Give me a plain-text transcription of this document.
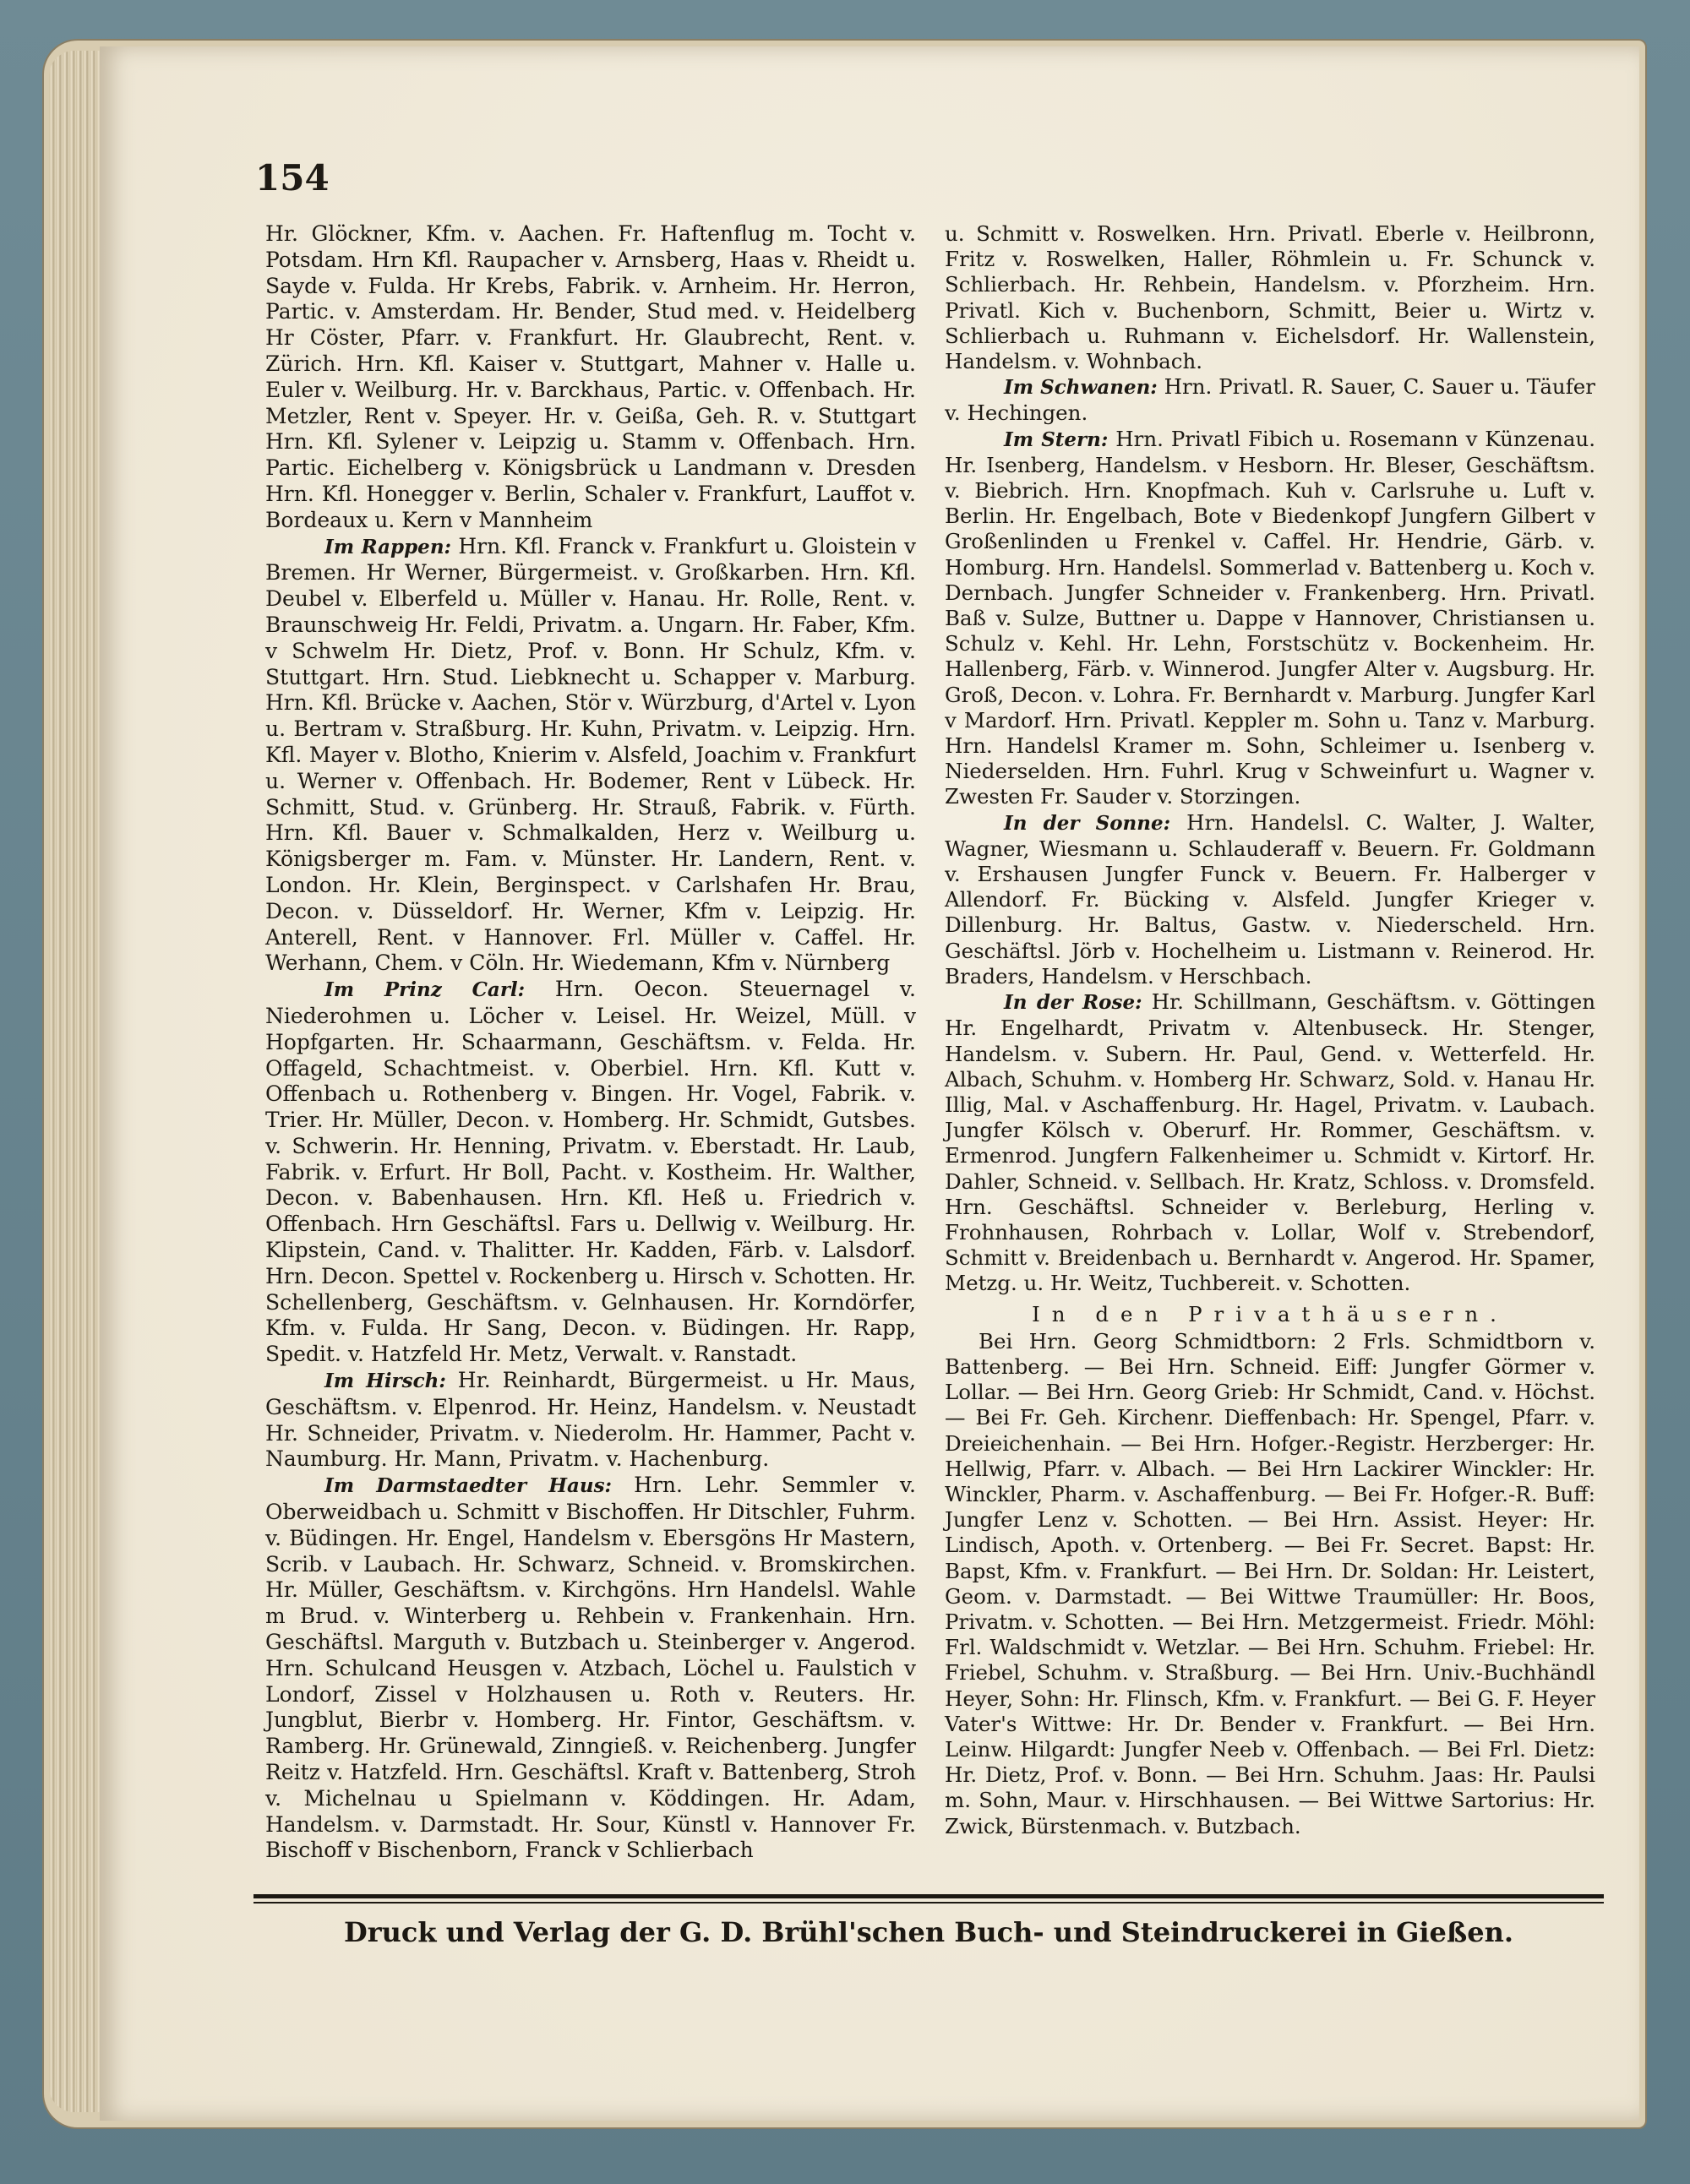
154

Hr. Glöckner, Kfm. v. Aachen. Fr. Haftenflug m. Tocht v. Potsdam. Hrn Kfl. Raupacher v. Arnsberg, Haas v. Rheidt u. Sayde v. Fulda. Hr Krebs, Fabrik. v. Arnheim. Hr. Herron, Partic. v. Amsterdam. Hr. Bender, Stud med. v. Heidelberg Hr Cöster, Pfarr. v. Frankfurt. Hr. Glaubrecht, Rent. v. Zürich. Hrn. Kfl. Kaiser v. Stuttgart, Mahner v. Halle u. Euler v. Weilburg. Hr. v. Barckhaus, Partic. v. Offenbach. Hr. Metzler, Rent v. Speyer. Hr. v. Geißa, Geh. R. v. Stuttgart Hrn. Kfl. Sylener v. Leipzig u. Stamm v. Offenbach. Hrn. Partic. Eichelberg v. Königsbrück u Landmann v. Dresden Hrn. Kfl. Honegger v. Berlin, Schaler v. Frankfurt, Lauffot v. Bordeaux u. Kern v Mannheim

Im Rappen: Hrn. Kfl. Franck v. Frankfurt u. Gloistein v Bremen. Hr Werner, Bürgermeist. v. Großkarben. Hrn. Kfl. Deubel v. Elberfeld u. Müller v. Hanau. Hr. Rolle, Rent. v. Braunschweig Hr. Feldi, Privatm. a. Ungarn. Hr. Faber, Kfm. v Schwelm Hr. Dietz, Prof. v. Bonn. Hr Schulz, Kfm. v. Stuttgart. Hrn. Stud. Liebknecht u. Schapper v. Marburg. Hrn. Kfl. Brücke v. Aachen, Stör v. Würzburg, d'Artel v. Lyon u. Bertram v. Straßburg. Hr. Kuhn, Privatm. v. Leipzig. Hrn. Kfl. Mayer v. Blotho, Knierim v. Alsfeld, Joachim v. Frankfurt u. Werner v. Offenbach. Hr. Bodemer, Rent v Lübeck. Hr. Schmitt, Stud. v. Grünberg. Hr. Strauß, Fabrik. v. Fürth. Hrn. Kfl. Bauer v. Schmalkalden, Herz v. Weilburg u. Königsberger m. Fam. v. Münster. Hr. Landern, Rent. v. London. Hr. Klein, Berginspect. v Carlshafen Hr. Brau, Decon. v. Düsseldorf. Hr. Werner, Kfm v. Leipzig. Hr. Anterell, Rent. v Hannover. Frl. Müller v. Caffel. Hr. Werhann, Chem. v Cöln. Hr. Wiedemann, Kfm v. Nürnberg

Im Prinz Carl: Hrn. Oecon. Steuernagel v. Niederohmen u. Löcher v. Leisel. Hr. Weizel, Müll. v Hopfgarten. Hr. Schaarmann, Geschäftsm. v. Felda. Hr. Offageld, Schachtmeist. v. Oberbiel. Hrn. Kfl. Kutt v. Offenbach u. Rothenberg v. Bingen. Hr. Vogel, Fabrik. v. Trier. Hr. Müller, Decon. v. Homberg. Hr. Schmidt, Gutsbes. v. Schwerin. Hr. Henning, Privatm. v. Eberstadt. Hr. Laub, Fabrik. v. Erfurt. Hr Boll, Pacht. v. Kostheim. Hr. Walther, Decon. v. Babenhausen. Hrn. Kfl. Heß u. Friedrich v. Offenbach. Hrn Geschäftsl. Fars u. Dellwig v. Weilburg. Hr. Klipstein, Cand. v. Thalitter. Hr. Kadden, Färb. v. Lalsdorf. Hrn. Decon. Spettel v. Rockenberg u. Hirsch v. Schotten. Hr. Schellenberg, Geschäftsm. v. Gelnhausen. Hr. Korndörfer, Kfm. v. Fulda. Hr Sang, Decon. v. Büdingen. Hr. Rapp, Spedit. v. Hatzfeld Hr. Metz, Verwalt. v. Ranstadt.

Im Hirsch: Hr. Reinhardt, Bürgermeist. u Hr. Maus, Geschäftsm. v. Elpenrod. Hr. Heinz, Handelsm. v. Neustadt Hr. Schneider, Privatm. v. Niederolm. Hr. Hammer, Pacht v. Naumburg. Hr. Mann, Privatm. v. Hachenburg.

Im Darmstaedter Haus: Hrn. Lehr. Semmler v. Oberweidbach u. Schmitt v Bischoffen. Hr Ditschler, Fuhrm. v. Büdingen. Hr. Engel, Handelsm v. Ebersgöns Hr Mastern, Scrib. v Laubach. Hr. Schwarz, Schneid. v. Bromskirchen. Hr. Müller, Geschäftsm. v. Kirchgöns. Hrn Handelsl. Wahle m Brud. v. Winterberg u. Rehbein v. Frankenhain. Hrn. Geschäftsl. Marguth v. Butzbach u. Steinberger v. Angerod. Hrn. Schulcand Heusgen v. Atzbach, Löchel u. Faulstich v Londorf, Zissel v Holzhausen u. Roth v. Reuters. Hr. Jungblut, Bierbr v. Homberg. Hr. Fintor, Geschäftsm. v. Ramberg. Hr. Grünewald, Zinngieß. v. Reichenberg. Jungfer Reitz v. Hatzfeld. Hrn. Geschäftsl. Kraft v. Battenberg, Stroh v. Michelnau u Spielmann v. Köddingen. Hr. Adam, Handelsm. v. Darmstadt. Hr. Sour, Künstl v. Hannover Fr. Bischoff v Bischenborn, Franck v Schlierbach

u. Schmitt v. Roswelken. Hrn. Privatl. Eberle v. Heilbronn, Fritz v. Roswelken, Haller, Röhmlein u. Fr. Schunck v. Schlierbach. Hr. Rehbein, Handelsm. v. Pforzheim. Hrn. Privatl. Kich v. Buchenborn, Schmitt, Beier u. Wirtz v. Schlierbach u. Ruhmann v. Eichelsdorf. Hr. Wallenstein, Handelsm. v. Wohnbach.

Im Schwanen: Hrn. Privatl. R. Sauer, C. Sauer u. Täufer v. Hechingen.

Im Stern: Hrn. Privatl Fibich u. Rosemann v Künzenau. Hr. Isenberg, Handelsm. v Hesborn. Hr. Bleser, Geschäftsm. v. Biebrich. Hrn. Knopfmach. Kuh v. Carlsruhe u. Luft v. Berlin. Hr. Engelbach, Bote v Biedenkopf Jungfern Gilbert v Großenlinden u Frenkel v. Caffel. Hr. Hendrie, Gärb. v. Homburg. Hrn. Handelsl. Sommerlad v. Battenberg u. Koch v. Dernbach. Jungfer Schneider v. Frankenberg. Hrn. Privatl. Baß v. Sulze, Buttner u. Dappe v Hannover, Christiansen u. Schulz v. Kehl. Hr. Lehn, Forstschütz v. Bockenheim. Hr. Hallenberg, Färb. v. Winnerod. Jungfer Alter v. Augsburg. Hr. Groß, Decon. v. Lohra. Fr. Bernhardt v. Marburg. Jungfer Karl v Mardorf. Hrn. Privatl. Keppler m. Sohn u. Tanz v. Marburg. Hrn. Handelsl Kramer m. Sohn, Schleimer u. Isenberg v. Niederselden. Hrn. Fuhrl. Krug v Schweinfurt u. Wagner v. Zwesten Fr. Sauder v. Storzingen.

In der Sonne: Hrn. Handelsl. C. Walter, J. Walter, Wagner, Wiesmann u. Schlauderaff v. Beuern. Fr. Goldmann v. Ershausen Jungfer Funck v. Beuern. Fr. Halberger v Allendorf. Fr. Bücking v. Alsfeld. Jungfer Krieger v. Dillenburg. Hr. Baltus, Gastw. v. Niederscheld. Hrn. Geschäftsl. Jörb v. Hochelheim u. Listmann v. Reinerod. Hr. Braders, Handelsm. v Herschbach.

In der Rose: Hr. Schillmann, Geschäftsm. v. Göttingen Hr. Engelhardt, Privatm v. Altenbuseck. Hr. Stenger, Handelsm. v. Subern. Hr. Paul, Gend. v. Wetterfeld. Hr. Albach, Schuhm. v. Homberg Hr. Schwarz, Sold. v. Hanau Hr. Illig, Mal. v Aschaffenburg. Hr. Hagel, Privatm. v. Laubach. Jungfer Kölsch v. Oberurf. Hr. Rommer, Geschäftsm. v. Ermenrod. Jungfern Falkenheimer u. Schmidt v. Kirtorf. Hr. Dahler, Schneid. v. Sellbach. Hr. Kratz, Schloss. v. Dromsfeld. Hrn. Geschäftsl. Schneider v. Berleburg, Herling v. Frohnhausen, Rohrbach v. Lollar, Wolf v. Strebendorf, Schmitt v. Breidenbach u. Bernhardt v. Angerod. Hr. Spamer, Metzg. u. Hr. Weitz, Tuchbereit. v. Schotten.

In den Privathäusern.

Bei Hrn. Georg Schmidtborn: 2 Frls. Schmidtborn v. Battenberg. — Bei Hrn. Schneid. Eiff: Jungfer Görmer v. Lollar. — Bei Hrn. Georg Grieb: Hr Schmidt, Cand. v. Höchst. — Bei Fr. Geh. Kirchenr. Dieffenbach: Hr. Spengel, Pfarr. v. Dreieichenhain. — Bei Hrn. Hofger.-Registr. Herzberger: Hr. Hellwig, Pfarr. v. Albach. — Bei Hrn Lackirer Winckler: Hr. Winckler, Pharm. v. Aschaffenburg. — Bei Fr. Hofger.-R. Buff: Jungfer Lenz v. Schotten. — Bei Hrn. Assist. Heyer: Hr. Lindisch, Apoth. v. Ortenberg. — Bei Fr. Secret. Bapst: Hr. Bapst, Kfm. v. Frankfurt. — Bei Hrn. Dr. Soldan: Hr. Leistert, Geom. v. Darmstadt. — Bei Wittwe Traumüller: Hr. Boos, Privatm. v. Schotten. — Bei Hrn. Metzgermeist. Friedr. Möhl: Frl. Waldschmidt v. Wetzlar. — Bei Hrn. Schuhm. Friebel: Hr. Friebel, Schuhm. v. Straßburg. — Bei Hrn. Univ.-Buchhändl Heyer, Sohn: Hr. Flinsch, Kfm. v. Frankfurt. — Bei G. F. Heyer Vater's Wittwe: Hr. Dr. Bender v. Frankfurt. — Bei Hrn. Leinw. Hilgardt: Jungfer Neeb v. Offenbach. — Bei Frl. Dietz: Hr. Dietz, Prof. v. Bonn. — Bei Hrn. Schuhm. Jaas: Hr. Paulsi m. Sohn, Maur. v. Hirschhausen. — Bei Wittwe Sartorius: Hr. Zwick, Bürstenmach. v. Butzbach.

Druck und Verlag der G. D. Brühl'schen Buch- und Steindruckerei in Gießen.
